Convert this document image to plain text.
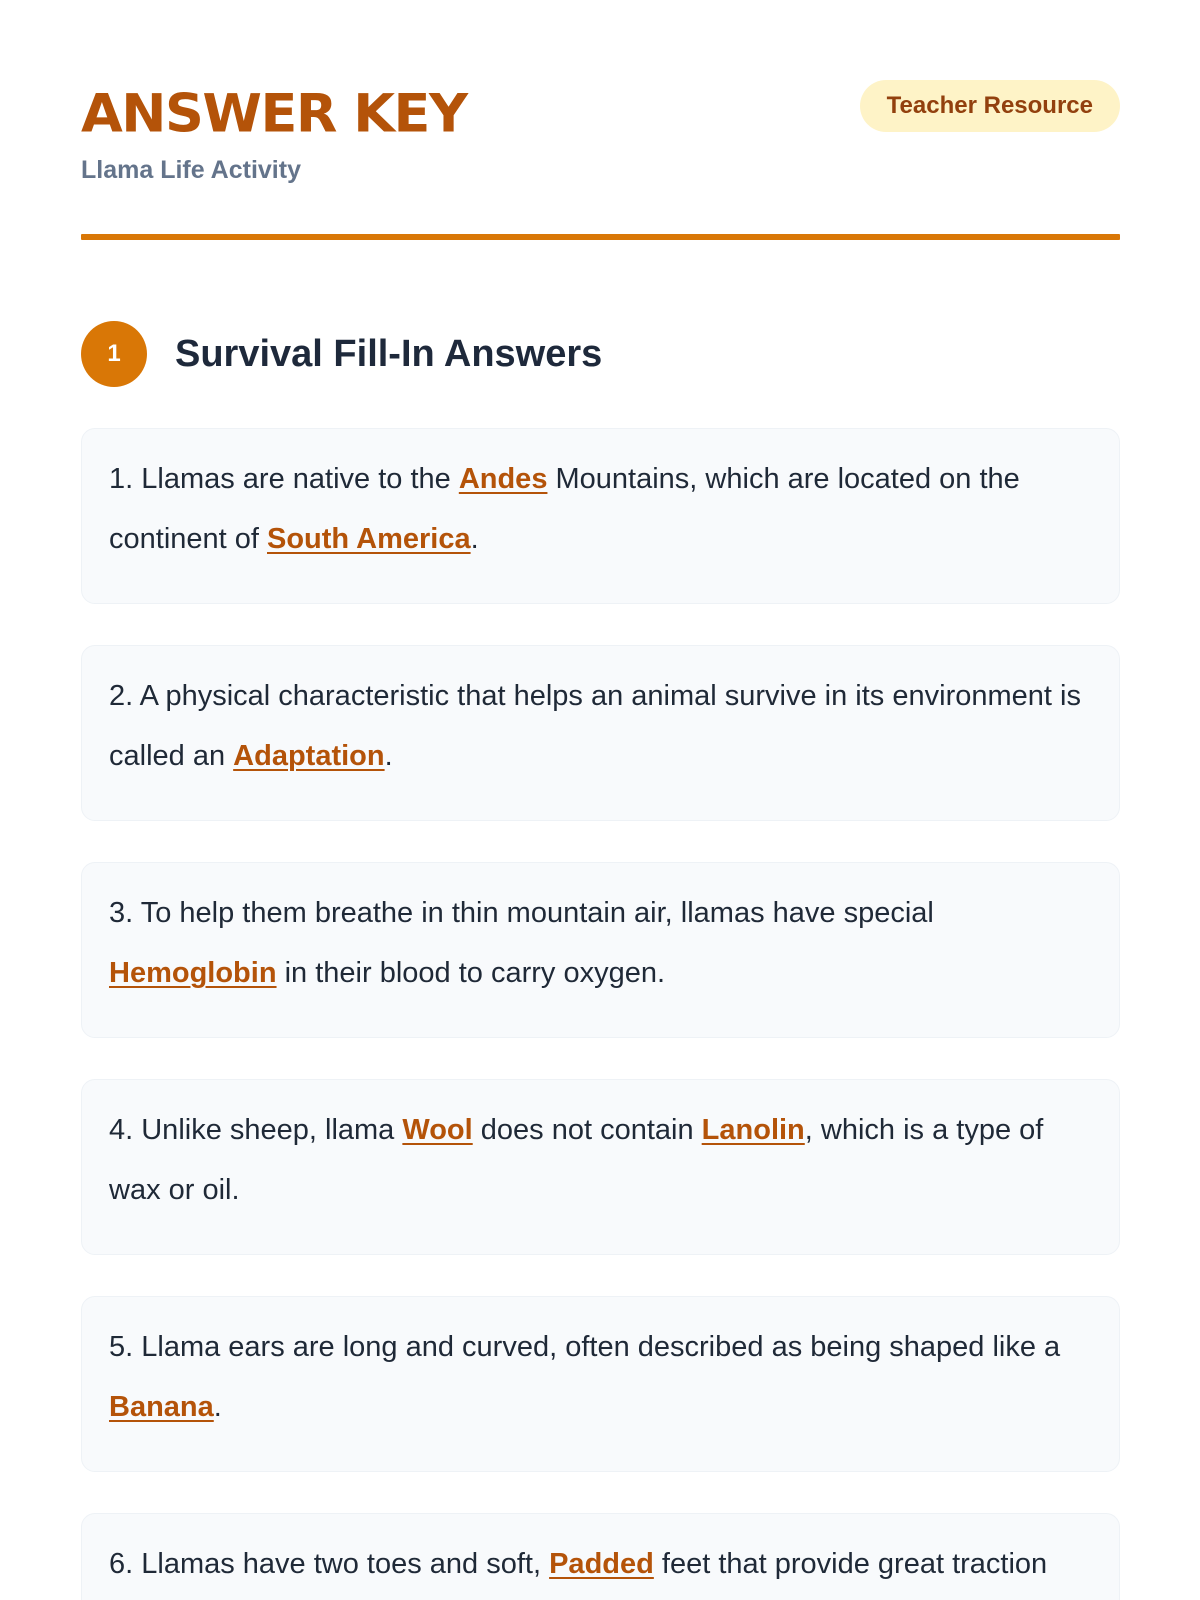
ANSWER KEY
Llama Life Activity
Teacher Resource
1	Survival Fill-In Answers
1. Llamas are native to the Andes Mountains, which are located on the continent of South America.
2. A physical characteristic that helps an animal survive in its environment is called an Adaptation.
3. To help them breathe in thin mountain air, llamas have special Hemoglobin in their blood to carry oxygen.
4. Unlike sheep, llama Wool does not contain Lanolin, which is a type of wax or oil.
5. Llama ears are long and curved, often described as being shaped like a Banana.
6. Llamas have two toes and soft, Padded feet that provide great traction
